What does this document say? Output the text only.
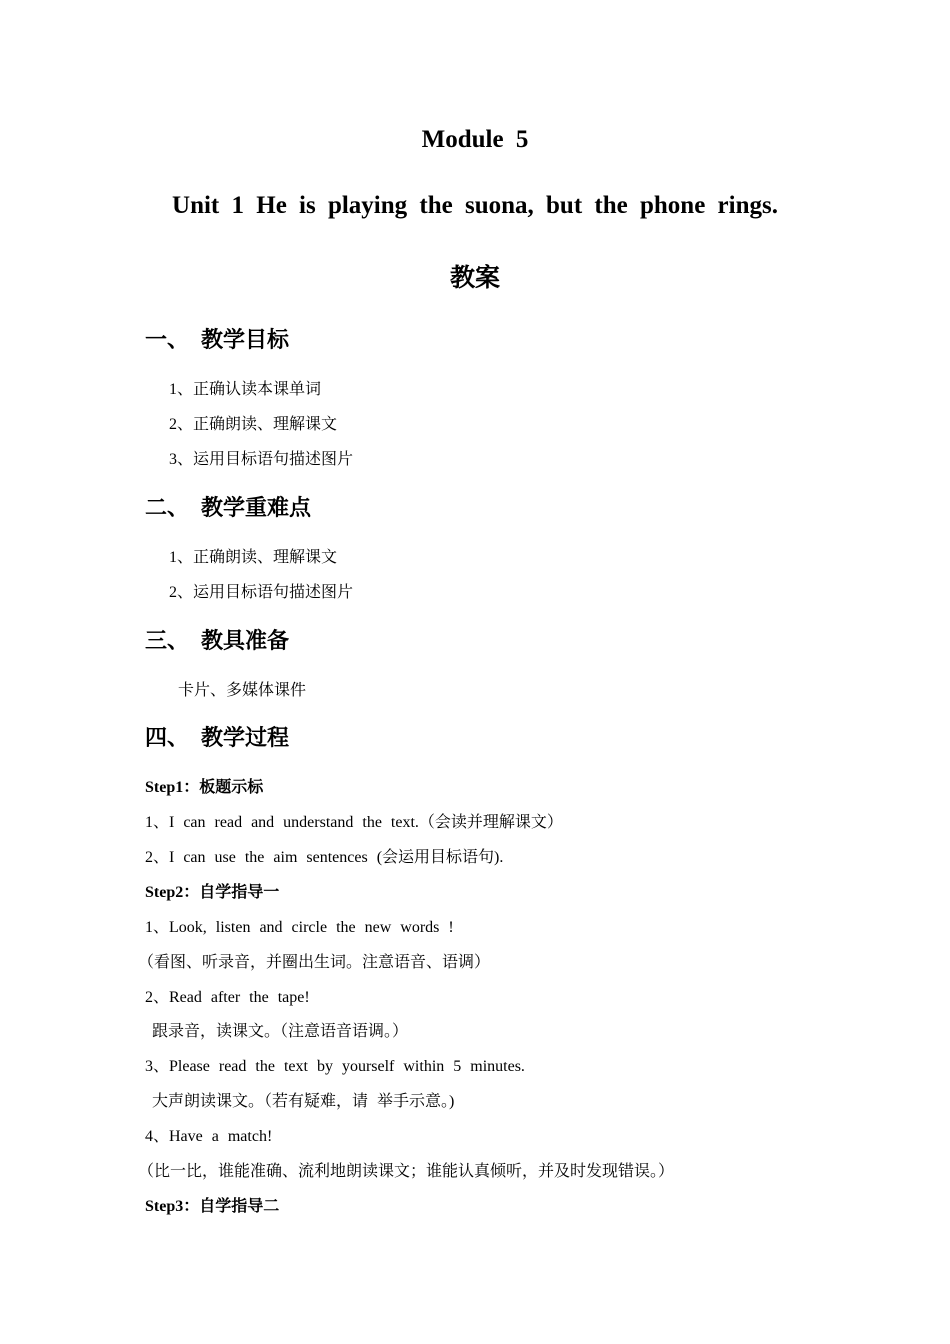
Module 5
Unit 1 He is playing the suona, but the phone rings.
教案
一、 教学目标
1、正确认读本课单词
2、正确朗读、理解课文
3、运用目标语句描述图片
二、 教学重难点
1、正确朗读、理解课文
2、运用目标语句描述图片
三、 教具准备
卡片、多媒体课件
四、 教学过程
Step1：板题示标
1、I can read and understand the text.（会读并理解课文）
2、I can use the aim sentences (会运用目标语句).
Step2：自学指导一
1、Look, listen and circle the new words !
（看图、听录音，并圈出生词。注意语音、语调）
2、Read after the tape!
跟录音，读课文。（注意语音语调。）
3、Please read the text by yourself within 5 minutes.
大声朗读课文。（若有疑难，请 举手示意。)
4、Have a match!
（比一比，谁能准确、流利地朗读课文；谁能认真倾听，并及时发现错误。）
Step3：自学指导二
